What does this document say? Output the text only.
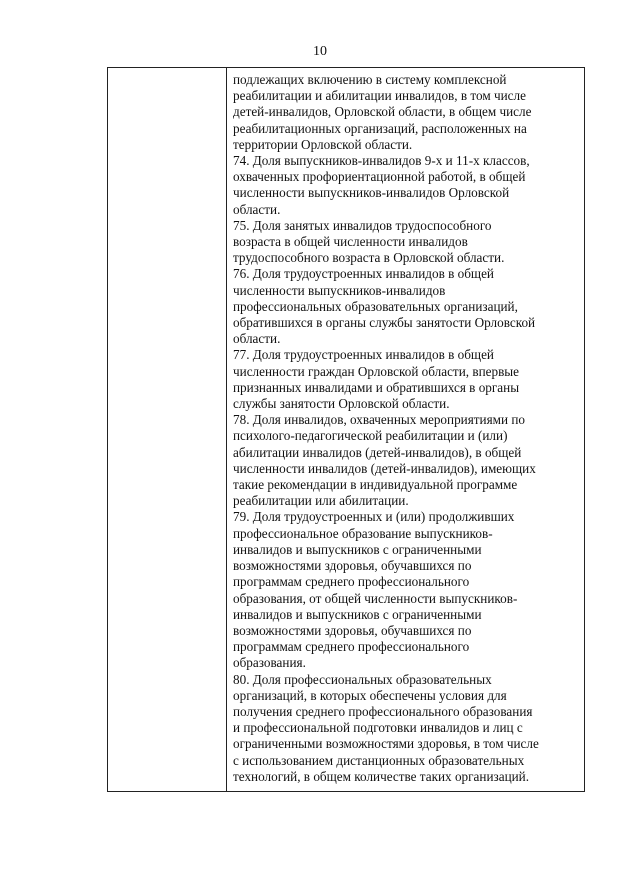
10

подлежащих включению в систему комплексной
реабилитации и абилитации инвалидов, в том числе
детей-инвалидов, Орловской области, в общем числе
реабилитационных организаций, расположенных на
территории Орловской области.

74. Доля выпускников-инвалидов 9-х и 11-х классов,
охваченных профориентационной работой, в общей
численности выпускников-инвалидов Орловской
области.

75. Доля занятых инвалидов трудоспособного
возраста в общей численности инвалидов
трудоспособного возраста в Орловской области.

76. Доля трудоустроенных инвалидов в общей
численности выпускников-инвалидов
профессиональных образовательных организаций,
обратившихся в органы службы занятости Орловской
области.

77. Доля трудоустроенных инвалидов в общей
численности граждан Орловской области, впервые
признанных инвалидами и обратившихся в органы
службы занятости Орловской области.

78. Доля инвалидов, охваченных мероприятиями по
психолого-педагогической реабилитации и (или)
абилитации инвалидов (детей-инвалидов), в общей
численности инвалидов (детей-инвалидов), имеющих
такие рекомендации в индивидуальной программе
реабилитации или абилитации.

79. Доля трудоустроенных и (или) продолживших
профессиональное образование выпускников-
инвалидов и выпускников с ограниченными
возможностями здоровья, обучавшихся по
программам среднего профессионального
образования, от общей численности выпускников-
инвалидов и выпускников с ограниченными
возможностями здоровья, обучавшихся по
программам среднего профессионального
образования.

80. Доля профессиональных образовательных
организаций, в которых обеспечены условия для
получения среднего профессионального образования
и профессиональной подготовки инвалидов и лиц с
ограниченными возможностями здоровья, в том числе
с использованием дистанционных образовательных
технологий, в общем количестве таких организаций.
